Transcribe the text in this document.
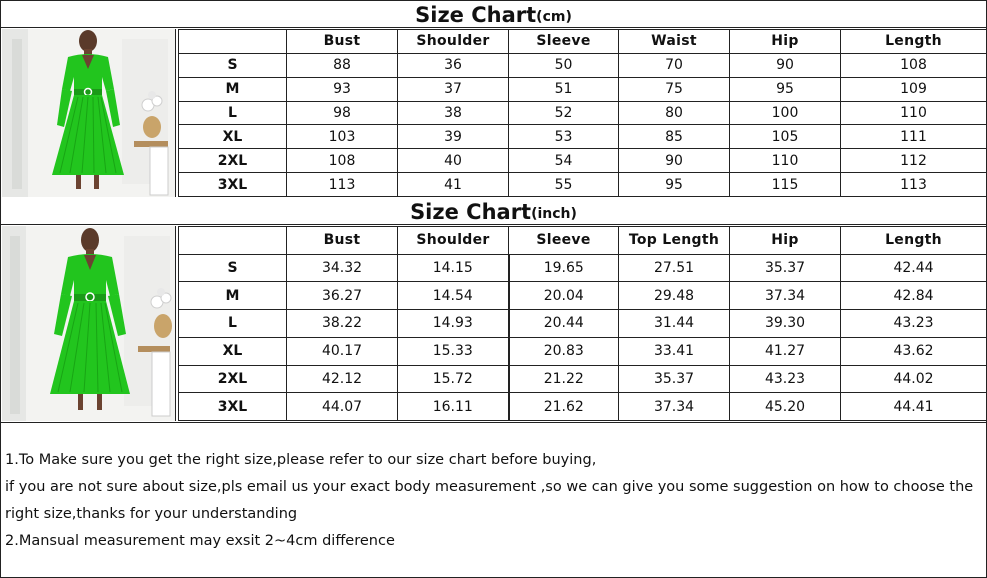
Size Chart (cm)
	Bust	Shoulder	Sleeve	Waist	Hip	Length
S	88	36	50	70	90	108
M	93	37	51	75	95	109
L	98	38	52	80	100	110
XL	103	39	53	85	105	111
2XL	108	40	54	90	110	112
3XL	113	41	55	95	115	113
Size Chart (inch)
	Bust	Shoulder	Sleeve	Top Length	Hip	Length
S	34.32	14.15	19.65	27.51	35.37	42.44
M	36.27	14.54	20.04	29.48	37.34	42.84
L	38.22	14.93	20.44	31.44	39.30	43.23
XL	40.17	15.33	20.83	33.41	41.27	43.62
2XL	42.12	15.72	21.22	35.37	43.23	44.02
3XL	44.07	16.11	21.62	37.34	45.20	44.41

1.To Make sure you get the right size,please refer to our size chart before buying,

if you are not sure about size,pls email us your exact body measurement ,so we can give you some suggestion on how to choose the right size,thanks for your understanding

2.Mansual measurement may exsit 2~4cm difference
